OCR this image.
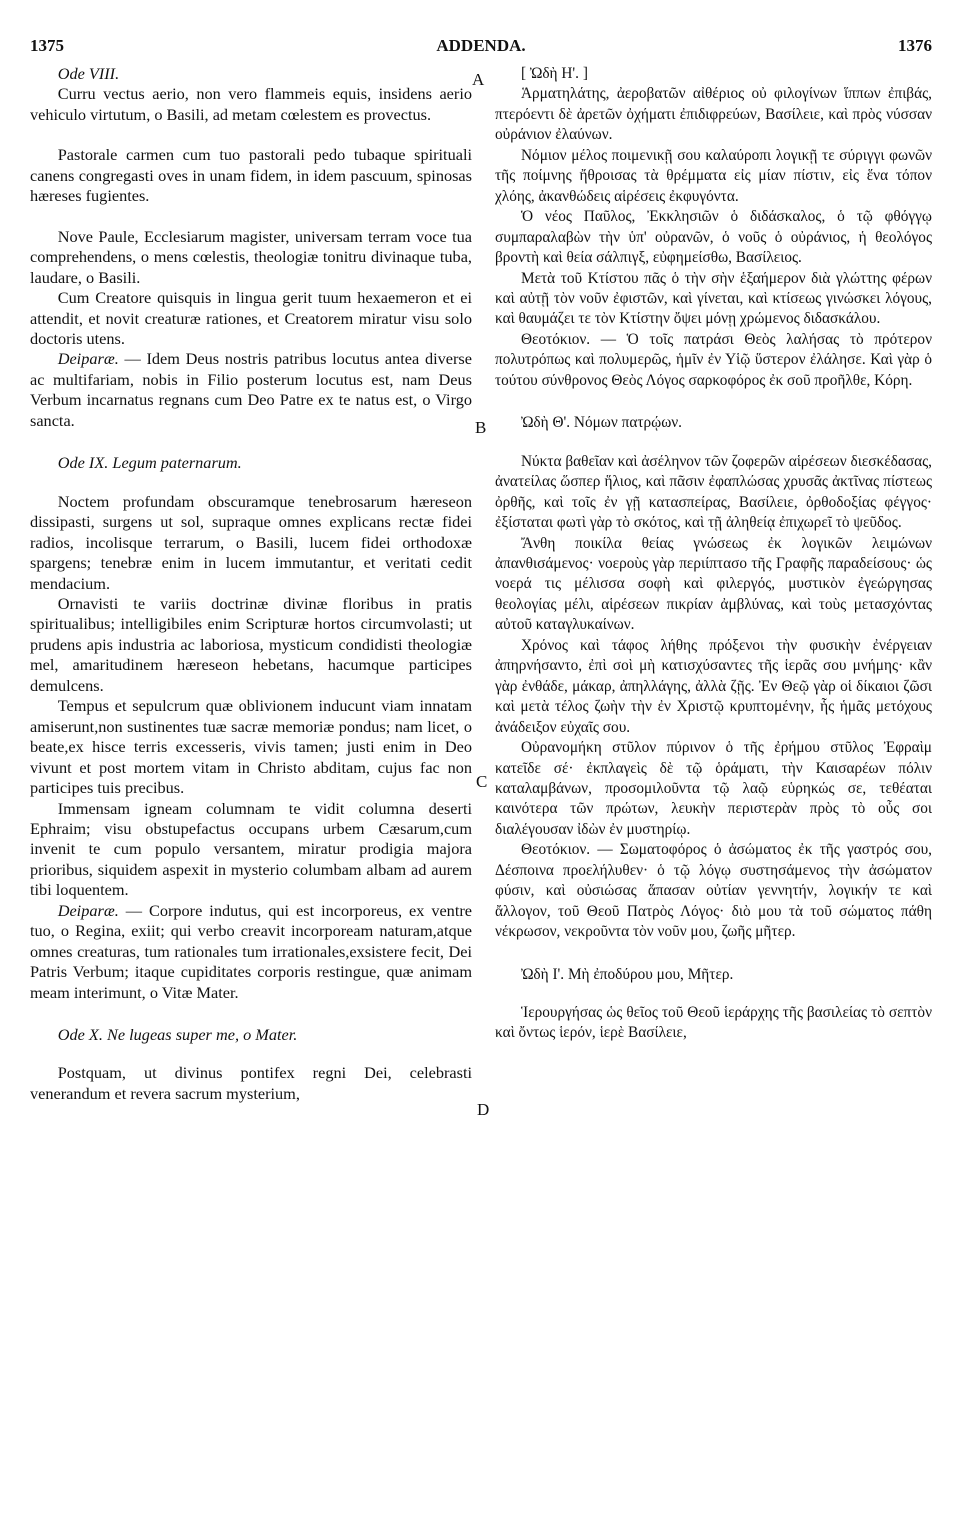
1375	ADDENDA.	1376
A
B
C
D

Ode VIII.

Curru vectus aerio, non vero flammeis equis, insidens aerio vehiculo virtutum, o Basili, ad metam cœlestem es provectus.

Pastorale carmen cum tuo pastorali pedo tubaque spirituali canens congregasti oves in unam fidem, in idem pascuum, spinosas hæreses fugientes.

Nove Paule, Ecclesiarum magister, universam terram voce tua comprehendens, o mens cœlestis, theologiæ tonitru divinaque tuba, laudare, o Basili.

Cum Creatore quisquis in lingua gerit tuum hexaemeron et ei attendit, et novit creaturæ rationes, et Creatorem miratur visu solo doctoris utens.

Deiparæ. — Idem Deus nostris patribus locutus antea diverse ac multifariam, nobis in Filio posterum locutus est, nam Deus Verbum incarnatus regnans cum Deo Patre ex te natus est, o Virgo sancta.

Ode IX. Legum paternarum.

Noctem profundam obscuramque tenebrosarum hæreseon dissipasti, surgens ut sol, supraque omnes explicans rectæ fidei radios, incolisque terrarum, o Basili, lucem fidei orthodoxæ spargens; tenebræ enim in lucem immutantur, et veritati cedit mendacium.

Ornavisti te variis doctrinæ divinæ floribus in pratis spiritualibus; intelligibiles enim Scripturæ hortos circumvolasti; ut prudens apis industria ac laboriosa, mysticum condidisti theologiæ mel, amaritudinem hæreseon hebetans, hacumque participes demulcens.

Tempus et sepulcrum quæ oblivionem inducunt viam innatam amiserunt,non sustinentes tuæ sacræ memoriæ pondus; nam licet, o beate,ex hisce terris excesseris, vivis tamen; justi enim in Deo vivunt et post mortem vitam in Christo abditam, cujus fac non participes tuis precibus.

Immensam igneam columnam te vidit columna deserti Ephraim; visu obstupefactus occupans urbem Cæsarum,cum invenit te cum populo versantem, miratur prodigia majora prioribus, siquidem aspexit in mysterio columbam albam ad aurem tibi loquentem.

Deiparæ. — Corpore indutus, qui est incorporeus, ex ventre tuo, o Regina, exiit; qui verbo creavit incorpoream naturam,atque omnes creaturas, tum rationales tum irrationales,exsistere fecit, Dei Patris Verbum; itaque cupiditates corporis restingue, quæ animam meam interimunt, o Vitæ Mater.

Ode X. Ne lugeas super me, o Mater.

Postquam, ut divinus pontifex regni Dei, celebrasti venerandum et revera sacrum mysterium,

[ Ὠδὴ Η'. ]

Ἁρματηλάτης, ἀεροβατῶν αἰθέριος οὐ φιλογίνων ἵππων ἐπιβάς, πτερόεντι δὲ ἀρετῶν ὀχήματι ἐπιδιφρεύων, Βασίλειε, καὶ πρὸς νύσσαν οὐράνιον ἐλαύνων.

Νόμιον μέλος ποιμενικῇ σου καλαύροπι λογικῇ τε σύριγγι φωνῶν τῆς ποίμνης ἤθροισας τὰ θρέμματα εἰς μίαν πίστιν, εἰς ἕνα τόπον χλόης, ἀκανθώδεις αἱρέσεις ἐκφυγόντα.

Ὁ νέος Παῦλος, Ἐκκλησιῶν ὁ διδάσκαλος, ὁ τῷ φθόγγῳ συμπαραλαβὼν τὴν ὑπ' οὐρανῶν, ὁ νοῦς ὁ οὐράνιος, ἡ θεολόγος βροντὴ καὶ θεία σάλπιγξ, εὐφημείσθω, Βασίλειος.

Μετὰ τοῦ Κτίστου πᾶς ὁ τὴν σὴν ἑξαήμερον διὰ γλώττης φέρων καὶ αὐτῇ τὸν νοῦν ἐφιστῶν, καὶ γίνεται, καὶ κτίσεως γινώσκει λόγους, καὶ θαυμάζει τε τὸν Κτίστην ὄψει μόνῃ χρώμενος διδασκάλου.

Θεοτόκιον. — Ὁ τοῖς πατράσι Θεὸς λαλήσας τὸ πρότερον πολυτρόπως καὶ πολυμερῶς, ἡμῖν ἐν Υἱῷ ὕστερον ἐλάλησε. Καὶ γὰρ ὁ τούτου σύνθρονος Θεὸς Λόγος σαρκοφόρος ἐκ σοῦ προῆλθε, Κόρη.

Ὠδὴ Θ'. Νόμων πατρῴων.

Νύκτα βαθεῖαν καὶ ἀσέληνον τῶν ζοφερῶν αἱρέσεων διεσκέδασας, ἀνατείλας ὥσπερ ἥλιος, καὶ πᾶσιν ἐφαπλώσας χρυσᾶς ἀκτῖνας πίστεως ὀρθῆς, καὶ τοῖς ἐν γῇ κατασπείρας, Βασίλειε, ὀρθοδοξίας φέγγος· ἐξίσταται φωτὶ γὰρ τὸ σκότος, καὶ τῇ ἀληθείᾳ ἐπιχωρεῖ τὸ ψεῦδος.

Ἄνθη ποικίλα θείας γνώσεως ἐκ λογικῶν λειμώνων ἀπανθισάμενος· νοεροὺς γὰρ περιίπτασο τῆς Γραφῆς παραδείσους· ὡς νοερά τις μέλισσα σοφὴ καὶ φιλεργός, μυστικὸν ἐγεώργησας θεολογίας μέλι, αἱρέσεων πικρίαν ἀμβλύνας, καὶ τοὺς μετασχόντας αὐτοῦ καταγλυκαίνων.

Χρόνος καὶ τάφος λήθης πρόξενοι τὴν φυσικὴν ἐνέργειαν ἀπηρνήσαντο, ἐπὶ σοὶ μὴ κατισχύσαντες τῆς ἱερᾶς σου μνήμης· κἂν γὰρ ἐνθάδε, μάκαρ, ἀπηλλάγης, ἀλλὰ ζῇς. Ἐν Θεῷ γὰρ οἱ δίκαιοι ζῶσι καὶ μετὰ τέλος ζωὴν τὴν ἐν Χριστῷ κρυπτομένην, ἧς ἡμᾶς μετόχους ἀνάδειξον εὐχαῖς σου.

Οὐρανομήκη στῦλον πύρινον ὁ τῆς ἐρήμου στῦλος Ἐφραὶμ κατεῖδε σέ· ἐκπλαγεὶς δὲ τῷ ὁράματι, τὴν Καισαρέων πόλιν καταλαμβάνων, προσομιλοῦντα τῷ λαῷ εὑρηκώς σε, τεθέαται καινότερα τῶν πρώτων, λευκὴν περιστερὰν πρὸς τὸ οὖς σοι διαλέγουσαν ἰδὼν ἐν μυστηρίῳ.

Θεοτόκιον. — Σωματοφόρος ὁ ἀσώματος ἐκ τῆς γαστρός σου, Δέσποινα προελήλυθεν· ὁ τῷ λόγῳ συστησάμενος τὴν ἀσώματον φύσιν, καὶ οὐσιώσας ἅπασαν οὐτίαν γεννητήν, λογικήν τε καὶ ἄλλογον, τοῦ Θεοῦ Πατρὸς Λόγος· διὸ μου τὰ τοῦ σώματος πάθη νέκρωσον, νεκροῦντα τὸν νοῦν μου, ζωῆς μῆτερ.

Ὠδὴ Ι'. Μὴ ἐποδύρου μου, Μῆτερ.

Ἱερουργήσας ὡς θεῖος τοῦ Θεοῦ ἱεράρχης τῆς βασιλείας τὸ σεπτὸν καὶ ὄντως ἱερόν, ἱερὲ Βασίλειε,
